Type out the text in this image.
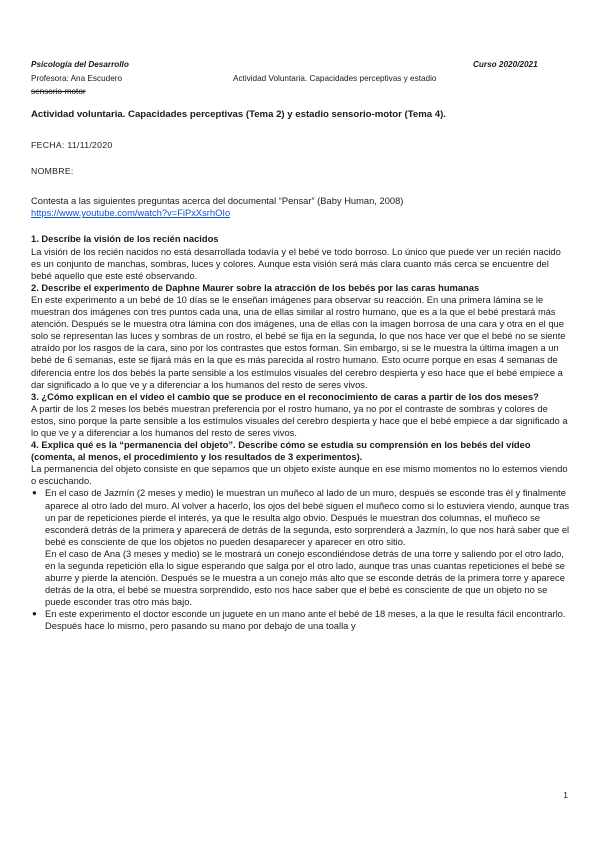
Psicología del Desarrollo	Curso 2020/2021
Profesora: Ana Escudero	Actividad Voluntaria. Capacidades perceptivas y estadio
sensorio-motor

Actividad voluntaria. Capacidades perceptivas (Tema 2) y estadio sensorio-motor (Tema 4).

FECHA: 11/11/2020

NOMBRE:

Contesta a las siguientes preguntas acerca del documental “Pensar” (Baby Human, 2008)

https://www.youtube.com/watch?v=FiPxXsrhOIo

1. Describe la visión de los recién nacidos

La visión de los recién nacidos no está desarrollada todavía y el bebé ve todo borroso. Lo único que puede ver un recién nacido es un conjunto de manchas, sombras, luces y colores. Aunque esta visión será más clara cuanto más cerca se encuentre del bebé aquello que este esté observando.

2. Describe el experimento de Daphne Maurer sobre la atracción de los bebés por las caras humanas

En este experimento a un bebé de 10 días se le enseñan imágenes para observar su reacción. En una primera lámina se le muestran dos imágenes con tres puntos cada una, una de ellas similar al rostro humano, que es a la que el bebé prestará más atención. Después se le muestra otra lámina con dos imágenes, una de ellas con la imagen borrosa de una cara y otra en el que solo se representan las luces y sombras de un rostro, el bebé se fija en la segunda, lo que nos hace ver que el bebé no se siente atraído por los rasgos de la cara, sino por los contrastes que estos forman. Sin embargo, si se le muestra la última imagen a un bebé de 6 semanas, este se fijará más en la que es más parecida al rostro humano. Esto ocurre porque en esas 4 semanas de diferencia entre los dos bebés la parte sensible a los estímulos visuales del cerebro despierta y eso hace que el bebé empiece a dar significado a lo que ve y a diferenciar a los humanos del resto de seres vivos.

3. ¿Cómo explican en el vídeo el cambio que se produce en el reconocimiento de caras a partir de los dos meses?

A partir de los 2 meses los bebés muestran preferencia por el rostro humano, ya no por el contraste de sombras y colores de estos, sino porque la parte sensible a los estímulos visuales del cerebro despierta y hace que el bebé empiece a dar significado a lo que ve y a diferenciar a los humanos del resto de seres vivos.

4. Explica qué es la “permanencia del objeto”. Describe cómo se estudia su comprensión en los bebés del vídeo (comenta, al menos, el procedimiento y los resultados de 3 experimentos).

La permanencia del objeto consiste en que sepamos que un objeto existe aunque en ese mismo momentos no lo estemos viendo o escuchando.

● En el caso de Jazmín (2 meses y medio) le muestran un muñeco al lado de un muro, después se esconde tras él y finalmente aparece al otro lado del muro. Al volver a hacerlo, los ojos del bebé siguen el muñeco como si lo estuviera viendo, aunque tras un par de repeticiones pierde el interés, ya que le resulta algo obvio. Después le muestran dos columnas, el muñeco se esconderá detrás de la primera y aparecerá de detrás de la segunda, esto sorprenderá a Jazmín, lo que nos hará saber que el bebé es consciente de que los objetos no pueden desaparecer y aparecer en otro sitio.

En el caso de Ana (3 meses y medio) se le mostrará un conejo escondiéndose detrás de una torre y saliendo por el otro lado, en la segunda repetición ella lo sigue esperando que salga por el otro lado, aunque tras unas cuantas repeticiones el bebé se aburre y pierde la atención. Después se le muestra a un conejo más alto que se esconde detrás de la primera torre y aparece detrás de la otra, el bebé se muestra sorprendido, esto nos hace saber que el bebé es consciente de que un objeto no se puede esconder tras otro más bajo.

● En este experimento el doctor esconde un juguete en un mano ante el bebé de 18 meses, a la que le resulta fácil encontrarlo. Después hace lo mismo, pero pasando su mano por debajo de una toalla y

1
